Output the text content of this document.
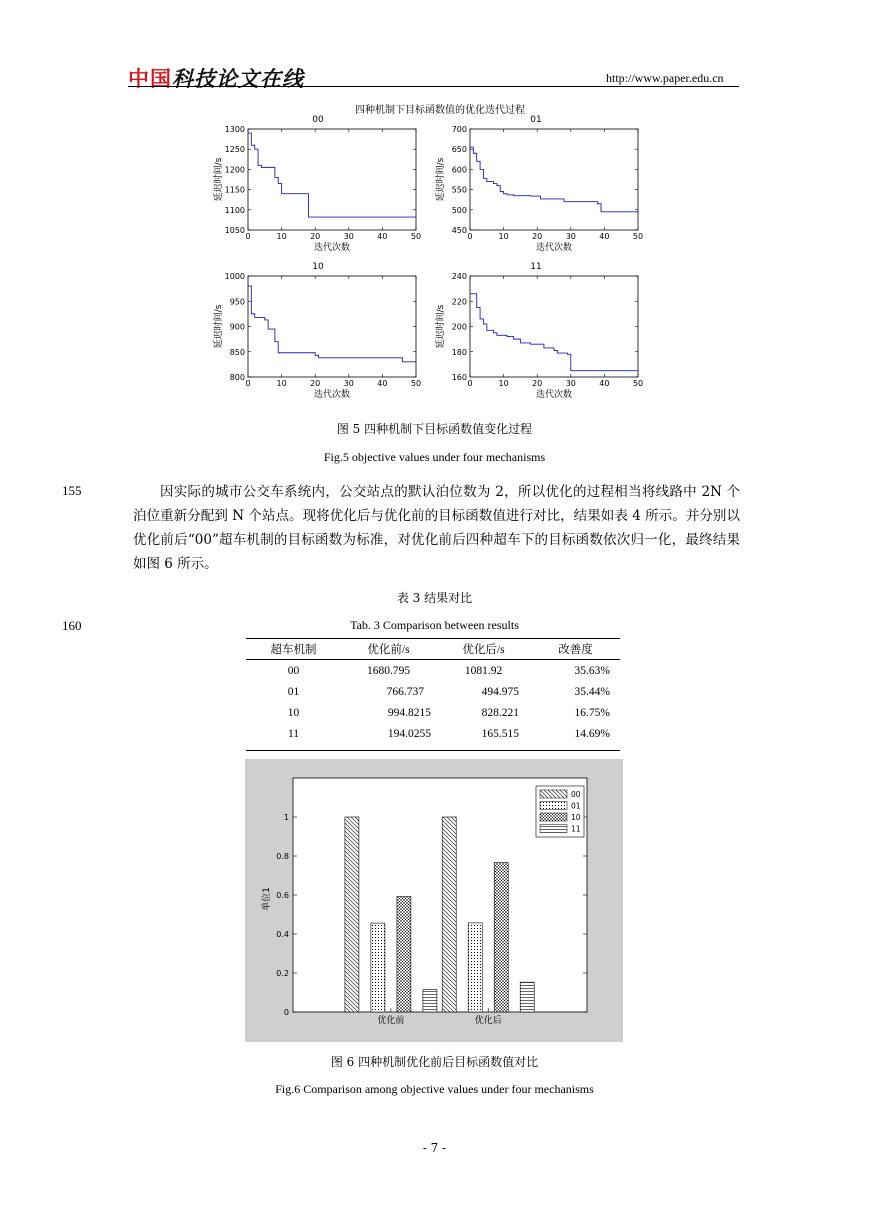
中国科技论文在线	http://www.paper.edu.cn
四种机制下目标函数值的优化迭代过程
00
0	10	20	30	40	50
1050
1100
1150
1200
1250
1300
迭代次数
延迟时间/s
01
0	10	20	30	40	50
450
500
550
600
650
700
迭代次数
延迟时间/s
10
0	10	20	30	40	50
800
850
900
950
1000
迭代次数
延迟时间/s
11
0	10	20	30	40	50
160
180
200
220
240
迭代次数
延迟时间/s
图 5 四种机制下目标函数值变化过程
Fig.5 objective values under four mechanisms
155	因实际的城市公交车系统内，公交站点的默认泊位数为 2，所以优化的过程相当将线路中 2N 个泊位重新分配到 N 个站点。现将优化后与优化前的目标函数值进行对比，结果如表 4 所示。并分别以优化前后“00”超车机制的目标函数为标准，对优化前后四种超车下的目标函数依次归一化，最终结果如图 6 所示。
表 3 结果对比
160	Tab. 3 Comparison between results
超车机制	优化前/s	优化后/s	改善度
00	1680.795	1081.92	35.63%
01	766.737	494.975	35.44%
10	994.8215	828.221	16.75%
11	194.0255	165.515	14.69%
0
0.2
0.4
0.6
0.8
1
单位1
优化前	优化后
00
01
10
11
图 6 四种机制优化前后目标函数值对比
Fig.6 Comparison among objective values under four mechanisms
- 7 -
